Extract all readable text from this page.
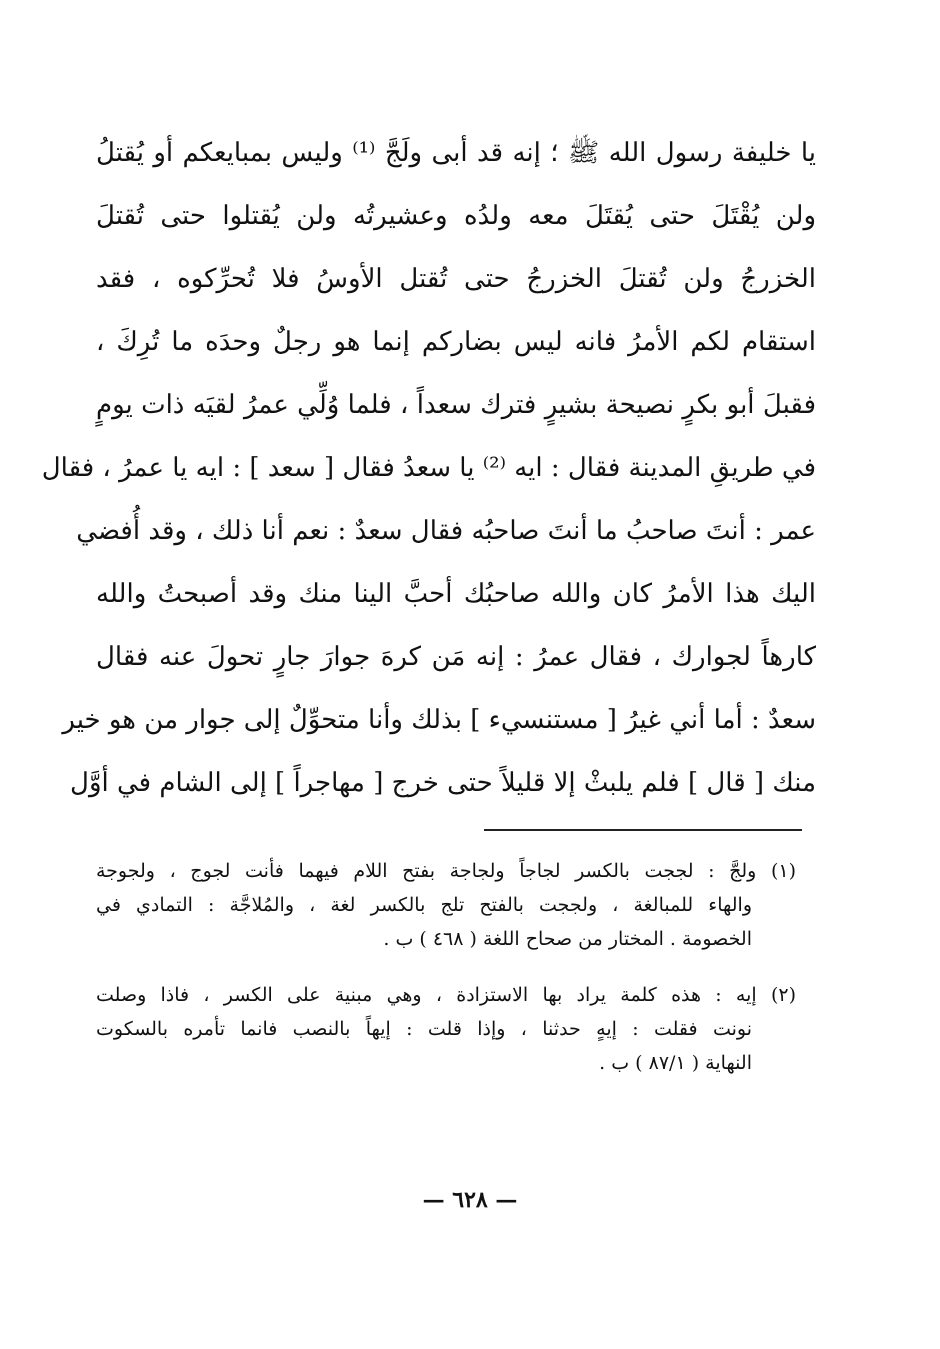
يا خليفة رسول الله ﷺ ؛ إنه قد أبى ولَجَّ ⁽¹⁾ وليس بمبايعكم أو يُقتلُ
ولن يُقْتَلَ حتى يُقتَلَ معه ولدُه وعشيرتُه ولن يُقتلوا حتى تُقتلَ
الخزرجُ ولن تُقتلَ الخزرجُ حتى تُقتل الأوسُ فلا تُحرِّكوه ، فقد
استقام لكم الأمرُ فانه ليس بضاركم إنما هو رجلٌ وحدَه ما تُرِكَ ،
فقبلَ أبو بكرٍ نصيحة بشيرٍ فترك سعداً ، فلما وُلِّي عمرُ لقيَه ذات يومٍ
في طريقِ المدينة فقال : ايه ⁽²⁾ يا سعدُ فقال [ سعد ] : ايه يا عمرُ ، فقال
عمر : أنتَ صاحبُ ما أنتَ صاحبُه فقال سعدٌ : نعم أنا ذلك ، وقد أُفضي
اليك هذا الأمرُ كان والله صاحبُك أحبَّ الينا منك وقد أصبحتُ والله
كارهاً لجوارك ، فقال عمرُ : إنه مَن كرهَ جوارَ جارٍ تحولَ عنه فقال
سعدٌ : أما أني غيرُ [ مستنسيء ] بذلك وأنا متحوِّلٌ إلى جوار من هو خير
منك [ قال ] فلم يلبثْ إلا قليلاً حتى خرج [ مهاجراً ] إلى الشام في أوَّل
(١) ولجَّ : لججت بالكسر لجاجاً ولجاجة بفتح اللام فيهما فأنت لجوج ، ولجوجة
والهاء للمبالغة ، ولججت بالفتح تلج بالكسر لغة ، والمُلاجَّة : التمادي في
الخصومة . المختار من صحاح اللغة ( ٤٦٨ ) ب .
(٢) إيه : هذه كلمة يراد بها الاستزادة ، وهي مبنية على الكسر ، فاذا وصلت
نونت فقلت : إيهٍ حدثنا ، وإذا قلت : إيهاً بالنصب فانما تأمره بالسكوت
النهاية ( ٨٧/١ ) ب .
— ٦٢٨ —
